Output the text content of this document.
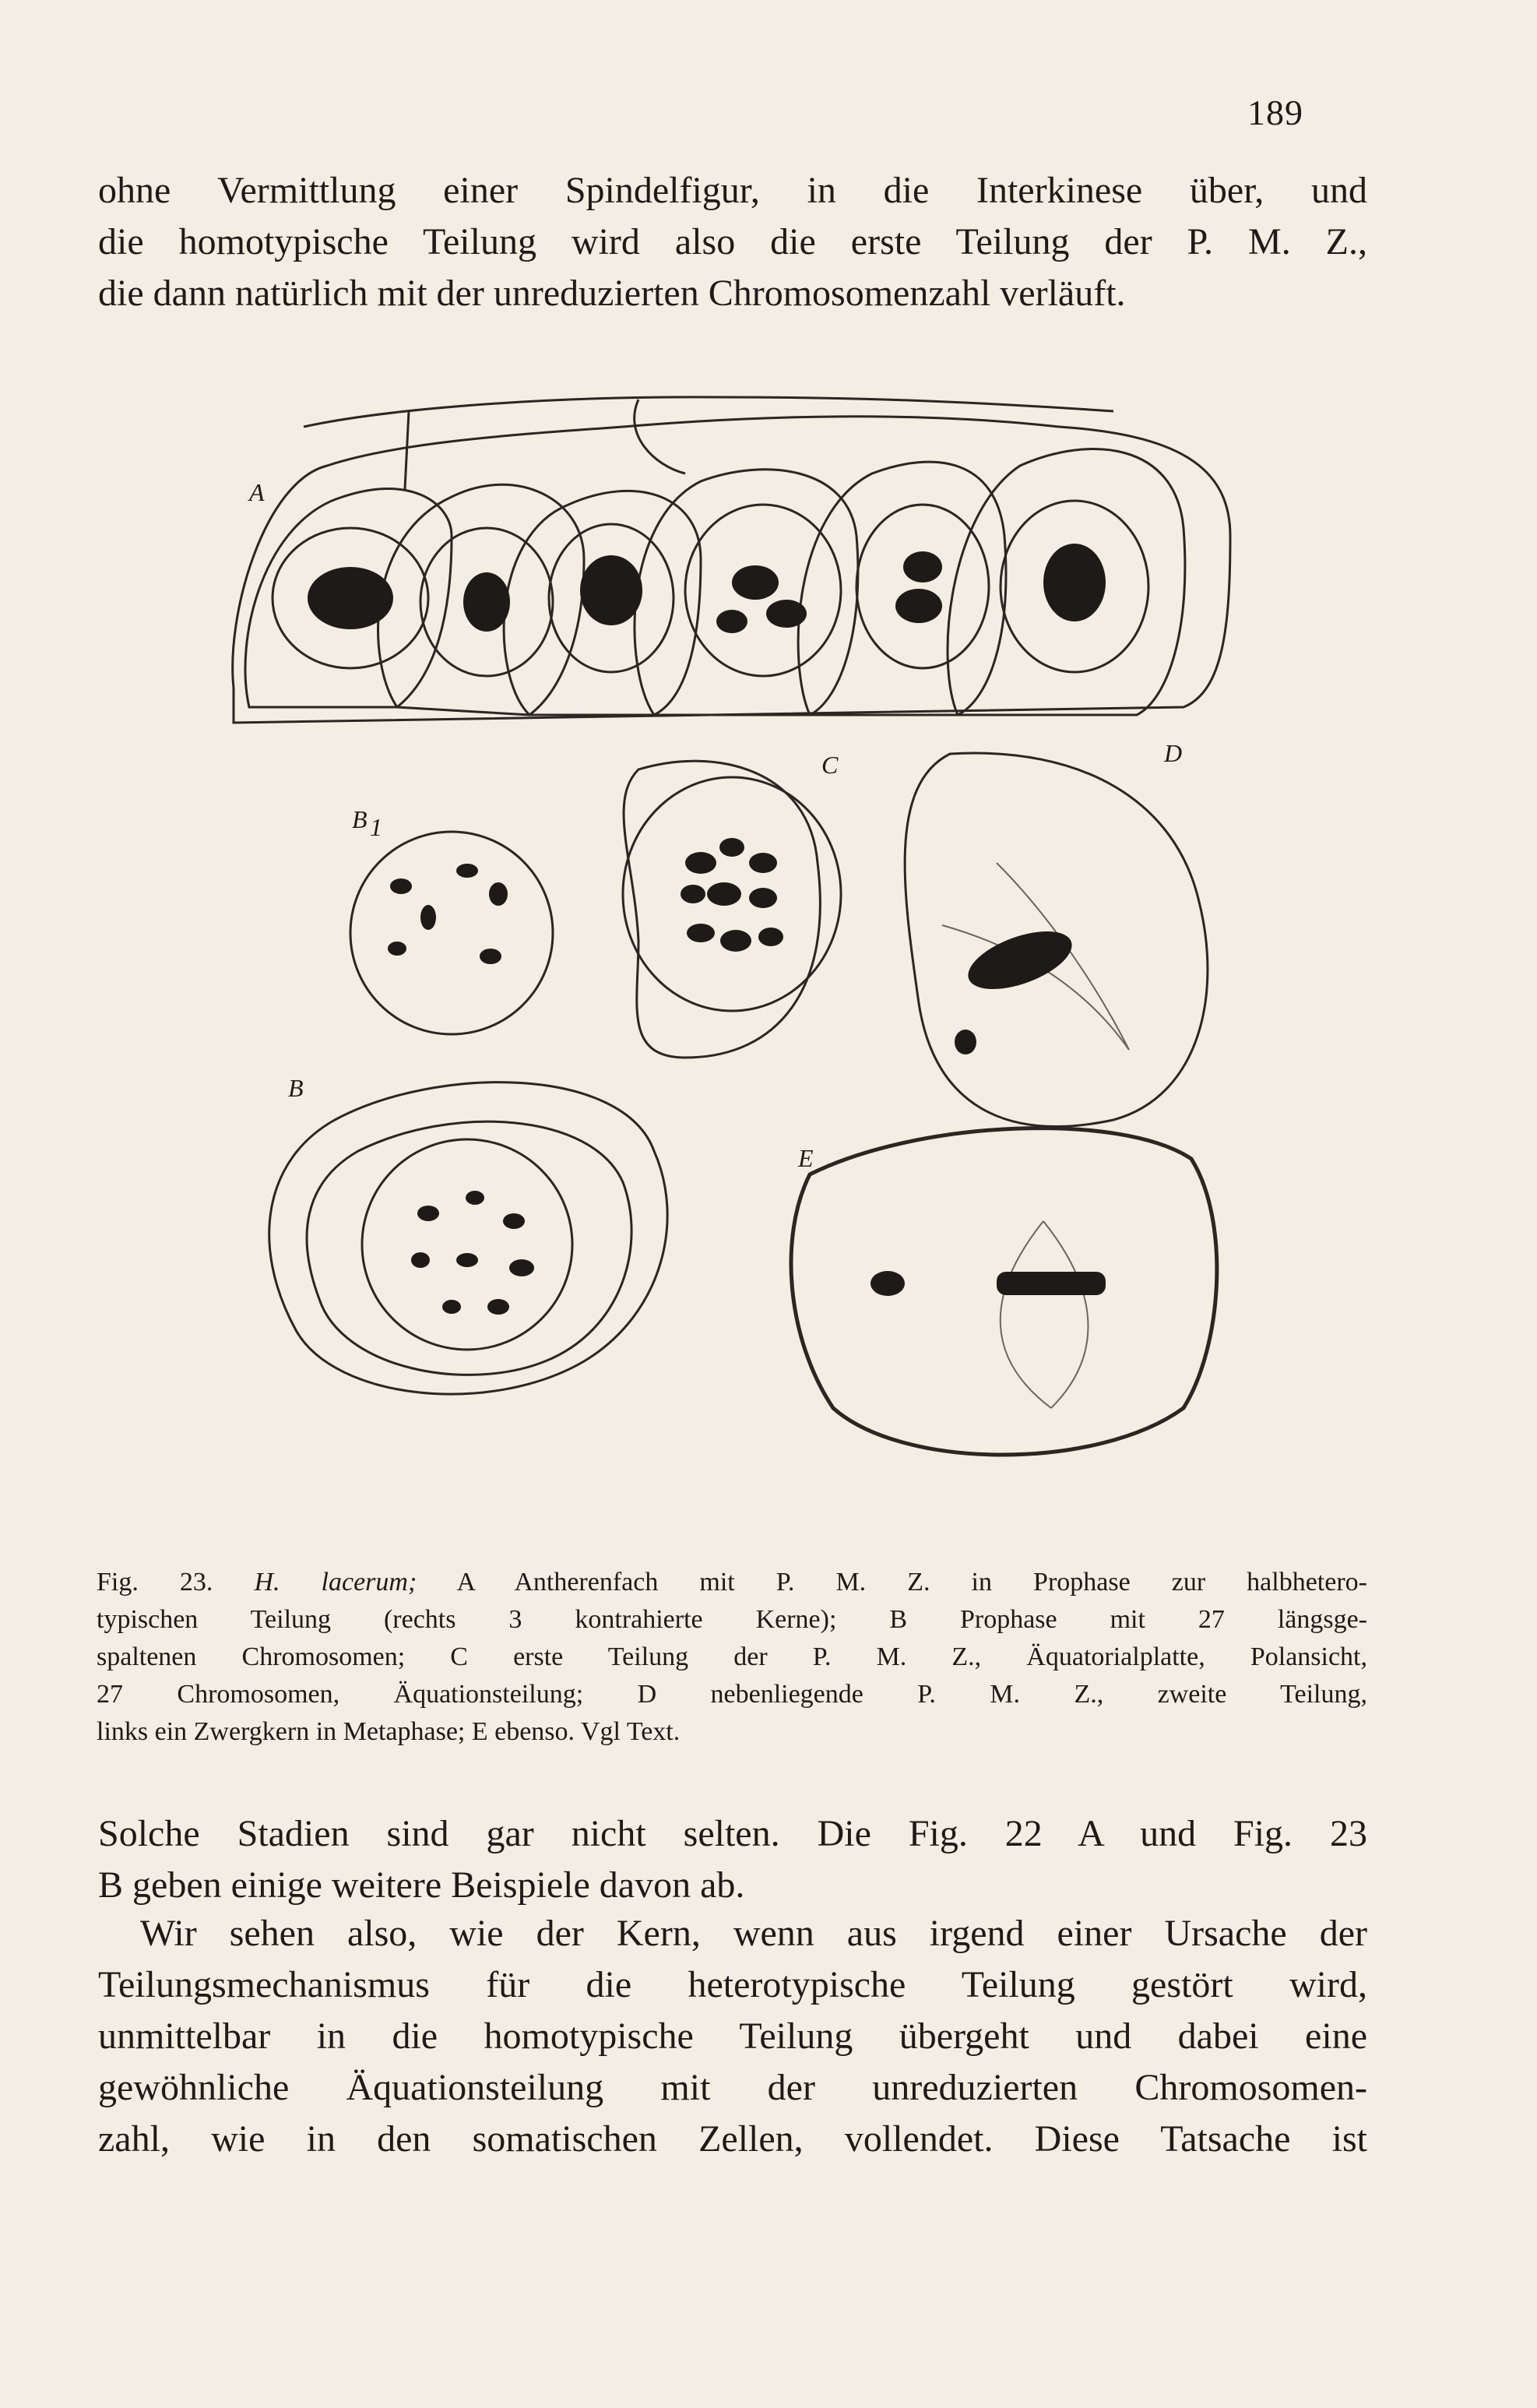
189

ohne Vermittlung einer Spindelfigur, in die Interkinese über, und
die homotypische Teilung wird also die erste Teilung der P. M. Z.,
die dann natürlich mit der unreduzierten Chromosomenzahl verläuft.

A
B 1
B
C	D
E
Fig. 23. H. lacerum; A Antherenfach mit P. M. Z. in Prophase zur halbhetero-
typischen Teilung (rechts 3 kontrahierte Kerne); B Prophase mit 27 längsge-
spaltenen Chromosomen; C erste Teilung der P. M. Z., Äquatorialplatte, Polansicht,
27 Chromosomen, Äquationsteilung; D nebenliegende P. M. Z., zweite Teilung,
links ein Zwergkern in Metaphase; E ebenso. Vgl Text.

Solche Stadien sind gar nicht selten. Die Fig. 22 A und Fig. 23
B geben einige weitere Beispiele davon ab.

Wir sehen also, wie der Kern, wenn aus irgend einer Ursache der
Teilungsmechanismus für die heterotypische Teilung gestört wird,
unmittelbar in die homotypische Teilung übergeht und dabei eine
gewöhnliche Äquationsteilung mit der unreduzierten Chromosomen-
zahl, wie in den somatischen Zellen, vollendet. Diese Tatsache ist
